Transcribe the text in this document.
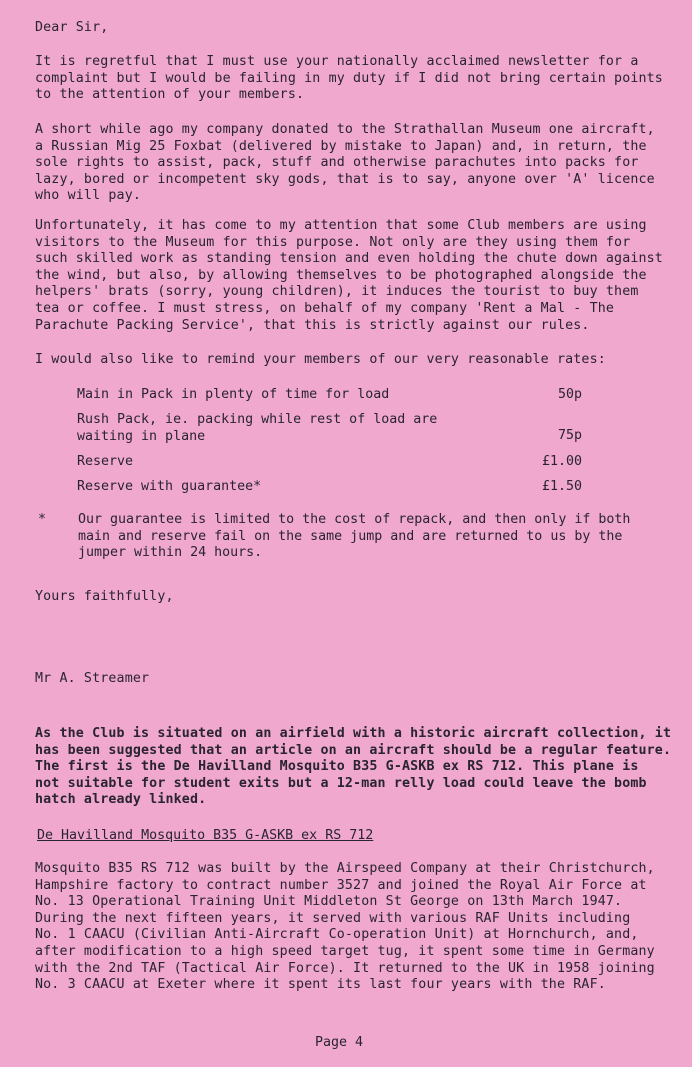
Dear Sir,
It is regretful that I must use your nationally acclaimed newsletter for a
complaint but I would be failing in my duty if I did not bring certain points
to the attention of your members.
A short while ago my company donated to the Strathallan Museum one aircraft,
a Russian Mig 25 Foxbat (delivered by mistake to Japan) and, in return, the
sole rights to assist, pack, stuff and otherwise parachutes into packs for
lazy, bored or incompetent sky gods, that is to say, anyone over 'A' licence
who will pay.
Unfortunately, it has come to my attention that some Club members are using
visitors to the Museum for this purpose. Not only are they using them for
such skilled work as standing tension and even holding the chute down against
the wind, but also, by allowing themselves to be photographed alongside the
helpers' brats (sorry, young children), it induces the tourist to buy them
tea or coffee. I must stress, on behalf of my company 'Rent a Mal - The
Parachute Packing Service', that this is strictly against our rules.
I would also like to remind your members of our very reasonable rates:
Main in Pack in plenty of time for load	50p
Rush Pack, ie. packing while rest of load are
waiting in plane	75p
Reserve	£1.00
Reserve with guarantee*	£1.50
* Our guarantee is limited to the cost of repack, and then only if both
main and reserve fail on the same jump and are returned to us by the
jumper within 24 hours.
Yours faithfully,
Mr A. Streamer
As the Club is situated on an airfield with a historic aircraft collection, it
has been suggested that an article on an aircraft should be a regular feature.
The first is the De Havilland Mosquito B35 G-ASKB ex RS 712. This plane is
not suitable for student exits but a 12-man relly load could leave the bomb
hatch already linked.
De Havilland Mosquito B35 G-ASKB ex RS 712
Mosquito B35 RS 712 was built by the Airspeed Company at their Christchurch,
Hampshire factory to contract number 3527 and joined the Royal Air Force at
No. 13 Operational Training Unit Middleton St George on 13th March 1947.
During the next fifteen years, it served with various RAF Units including
No. 1 CAACU (Civilian Anti-Aircraft Co-operation Unit) at Hornchurch, and,
after modification to a high speed target tug, it spent some time in Germany
with the 2nd TAF (Tactical Air Force). It returned to the UK in 1958 joining
No. 3 CAACU at Exeter where it spent its last four years with the RAF.
Page 4
